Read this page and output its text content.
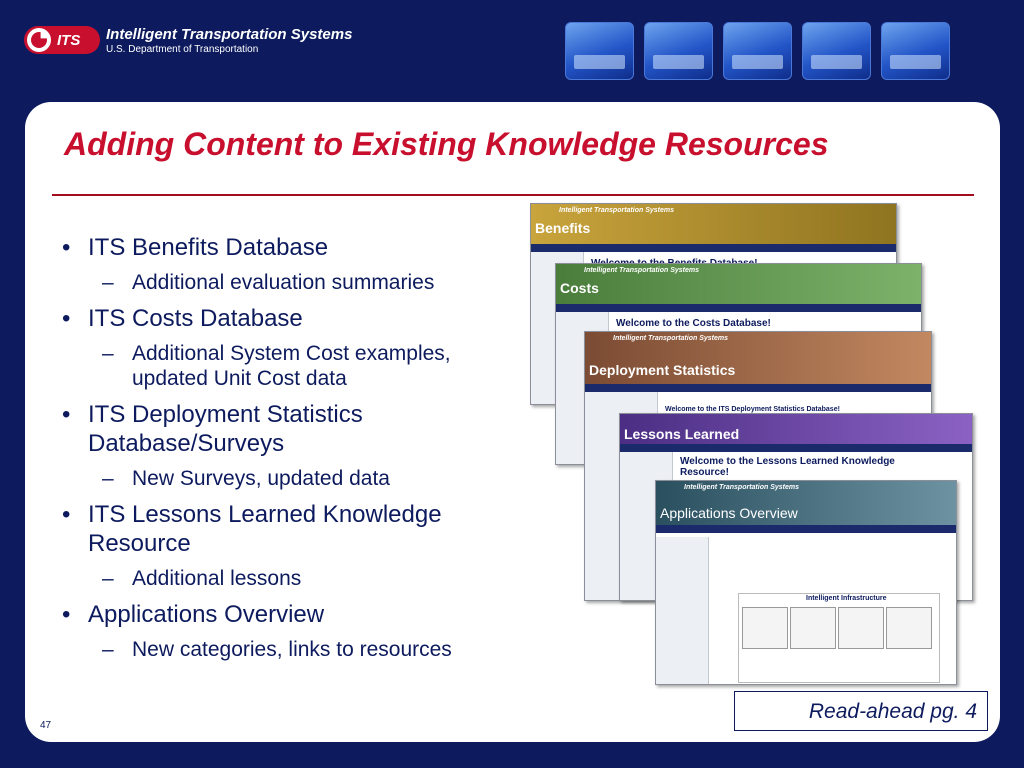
ITS Intelligent Transportation Systems
U.S. Department of Transportation
Adding Content to Existing Knowledge Resources
• ITS Benefits Database
– Additional evaluation summaries
• ITS Costs Database
– Additional System Cost examples, updated Unit Cost data
• ITS Deployment Statistics Database/Surveys
– New Surveys, updated data
• ITS Lessons Learned Knowledge Resource
– Additional lessons
• Applications Overview
– New categories, links to resources
Intelligent Transportation Systems
Benefits
Intelligent Transportation Systems
Costs
Welcome to the Costs Database!
Intelligent Transportation Systems
Deployment Statistics
Welcome to the ITS Deployment Statistics Database!
Lessons Learned
Welcome to the Lessons Learned Knowledge Resource!
Intelligent Transportation Systems
Applications Overview
Intelligent Infrastructure
Read-ahead pg. 4
47
